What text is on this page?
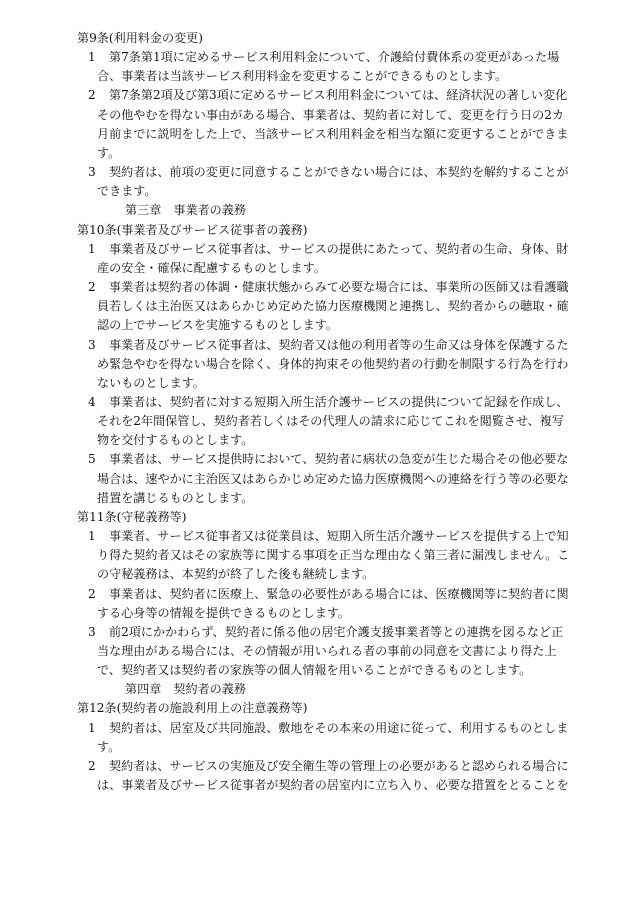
第9条(利用料金の変更)
1	第7条第1項に定めるサービス利用料金について、介護給付費体系の変更があった場
合、事業者は当該サービス利用料金を変更することができるものとします。
2	第7条第2項及び第3項に定めるサービス利用料金については、経済状況の著しい変化
その他やむを得ない事由がある場合、事業者は、契約者に対して、変更を行う日の2カ
月前までに説明をした上で、当該サービス利用料金を相当な額に変更することができま
す。
3	契約者は、前項の変更に同意することができない場合には、本契約を解約することが
できます。
第三章　事業者の義務
第10条(事業者及びサービス従事者の義務)
1	事業者及びサービス従事者は、サービスの提供にあたって、契約者の生命、身体、財
産の安全・確保に配慮するものとします。
2	事業者は契約者の体調・健康状態からみて必要な場合には、事業所の医師又は看護職
員若しくは主治医又はあらかじめ定めた協力医療機関と連携し、契約者からの聴取・確
認の上でサービスを実施するものとします。
3	事業者及びサービス従事者は、契約者又は他の利用者等の生命又は身体を保護するた
め緊急やむを得ない場合を除く、身体的拘束その他契約者の行動を制限する行為を行わ
ないものとします。
4	事業者は、契約者に対する短期入所生活介護サービスの提供について記録を作成し、
それを2年間保管し、契約者若しくはその代理人の請求に応じてこれを閲覧させ、複写
物を交付するものとします。
5	事業者は、サービス提供時において、契約者に病状の急変が生じた場合その他必要な
場合は、速やかに主治医又はあらかじめ定めた協力医療機関への連絡を行う等の必要な
措置を講じるものとします。
第11条(守秘義務等)
1	事業者、サービス従事者又は従業員は、短期入所生活介護サービスを提供する上で知
り得た契約者又はその家族等に関する事項を正当な理由なく第三者に漏洩しません。こ
の守秘義務は、本契約が終了した後も継続します。
2	事業者は、契約者に医療上、緊急の必要性がある場合には、医療機関等に契約者に関
する心身等の情報を提供できるものとします。
3	前2項にかかわらず、契約者に係る他の居宅介護支援事業者等との連携を図るなど正
当な理由がある場合には、その情報が用いられる者の事前の同意を文書により得た上
で、契約者又は契約者の家族等の個人情報を用いることができるものとします。
第四章　契約者の義務
第12条(契約者の施設利用上の注意義務等)
1	契約者は、居室及び共同施設、敷地をその本来の用途に従って、利用するものとしま
す。
2	契約者は、サービスの実施及び安全衛生等の管理上の必要があると認められる場合に
は、事業者及びサービス従事者が契約者の居室内に立ち入り、必要な措置をとることを
